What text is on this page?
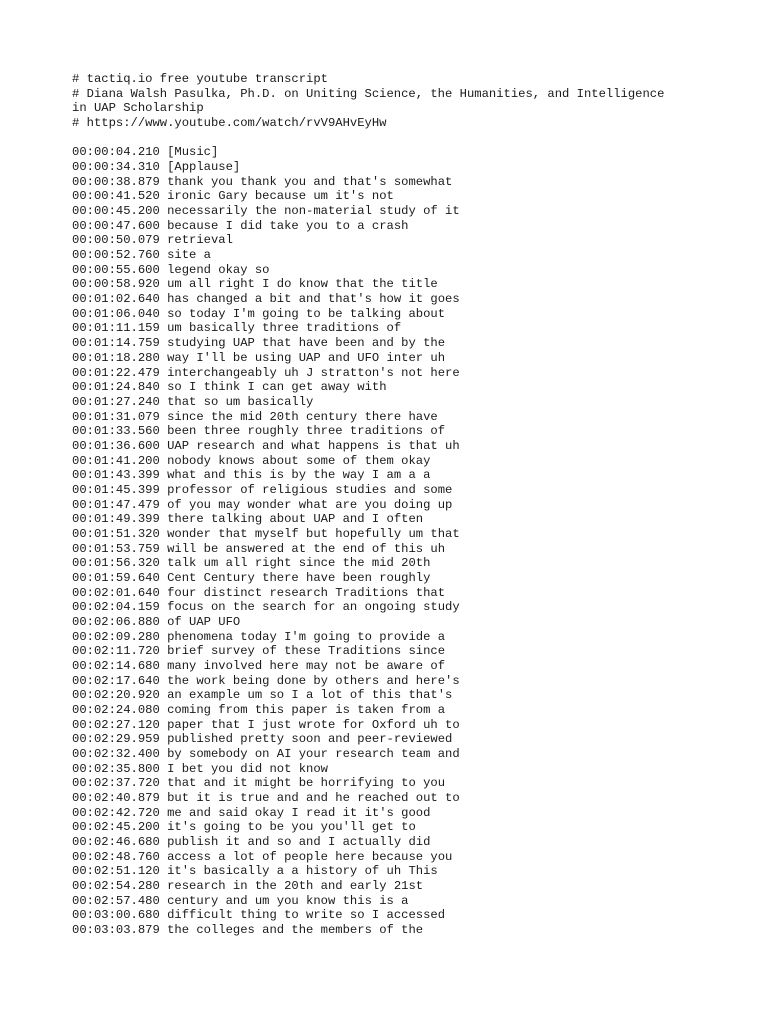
# tactiq.io free youtube transcript
# Diana Walsh Pasulka, Ph.D. on Uniting Science, the Humanities, and Intelligence
in UAP Scholarship
# https://www.youtube.com/watch/rvV9AHvEyHw
00:00:04.210 [Music]
00:00:34.310 [Applause]
00:00:38.879 thank you thank you and that's somewhat
00:00:41.520 ironic Gary because um it's not
00:00:45.200 necessarily the non-material study of it
00:00:47.600 because I did take you to a crash
00:00:50.079 retrieval
00:00:52.760 site a
00:00:55.600 legend okay so
00:00:58.920 um all right I do know that the title
00:01:02.640 has changed a bit and that's how it goes
00:01:06.040 so today I'm going to be talking about
00:01:11.159 um basically three traditions of
00:01:14.759 studying UAP that have been and by the
00:01:18.280 way I'll be using UAP and UFO inter uh
00:01:22.479 interchangeably uh J stratton's not here
00:01:24.840 so I think I can get away with
00:01:27.240 that so um basically
00:01:31.079 since the mid 20th century there have
00:01:33.560 been three roughly three traditions of
00:01:36.600 UAP research and what happens is that uh
00:01:41.200 nobody knows about some of them okay
00:01:43.399 what and this is by the way I am a a
00:01:45.399 professor of religious studies and some
00:01:47.479 of you may wonder what are you doing up
00:01:49.399 there talking about UAP and I often
00:01:51.320 wonder that myself but hopefully um that
00:01:53.759 will be answered at the end of this uh
00:01:56.320 talk um all right since the mid 20th
00:01:59.640 Cent Century there have been roughly
00:02:01.640 four distinct research Traditions that
00:02:04.159 focus on the search for an ongoing study
00:02:06.880 of UAP UFO
00:02:09.280 phenomena today I'm going to provide a
00:02:11.720 brief survey of these Traditions since
00:02:14.680 many involved here may not be aware of
00:02:17.640 the work being done by others and here's
00:02:20.920 an example um so I a lot of this that's
00:02:24.080 coming from this paper is taken from a
00:02:27.120 paper that I just wrote for Oxford uh to
00:02:29.959 published pretty soon and peer-reviewed
00:02:32.400 by somebody on AI your research team and
00:02:35.800 I bet you did not know
00:02:37.720 that and it might be horrifying to you
00:02:40.879 but it is true and and he reached out to
00:02:42.720 me and said okay I read it it's good
00:02:45.200 it's going to be you you'll get to
00:02:46.680 publish it and so and I actually did
00:02:48.760 access a lot of people here because you
00:02:51.120 it's basically a a history of uh This
00:02:54.280 research in the 20th and early 21st
00:02:57.480 century and um you know this is a
00:03:00.680 difficult thing to write so I accessed
00:03:03.879 the colleges and the members of the
